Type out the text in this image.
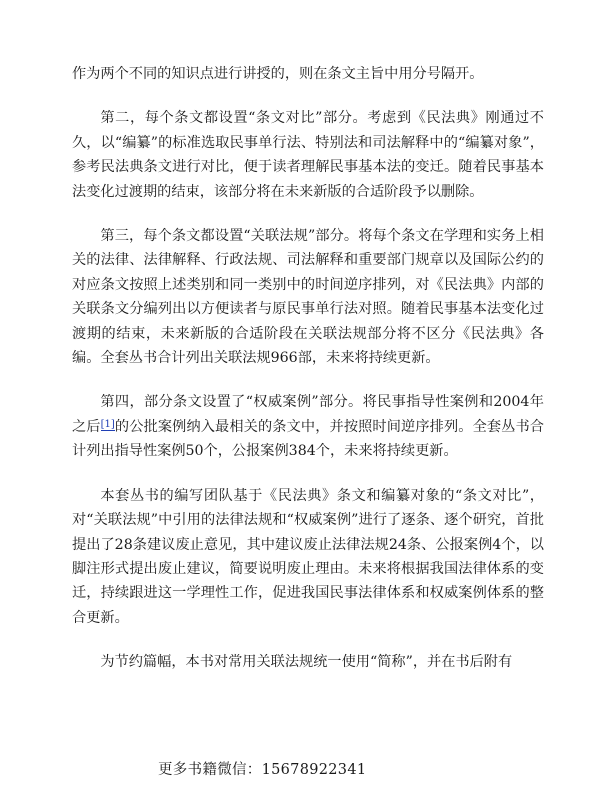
作为两个不同的知识点进行讲授的，则在条文主旨中用分号隔开。

第二，每个条文都设置“条文对比”部分。考虑到《民法典》刚通过不久，以“编纂”的标准选取民事单行法、特别法和司法解释中的“编纂对象”，参考民法典条文进行对比，便于读者理解民事基本法的变迁。随着民事基本法变化过渡期的结束，该部分将在未来新版的合适阶段予以删除。

第三，每个条文都设置“关联法规”部分。将每个条文在学理和实务上相关的法律、法律解释、行政法规、司法解释和重要部门规章以及国际公约的对应条文按照上述类别和同一类别中的时间逆序排列，对《民法典》内部的关联条文分编列出以方便读者与原民事单行法对照。随着民事基本法变化过渡期的结束，未来新版的合适阶段在关联法规部分将不区分《民法典》各编。全套丛书合计列出关联法规966部，未来将持续更新。

第四，部分条文设置了“权威案例”部分。将民事指导性案例和2004年之后[1]的公批案例纳入最相关的条文中，并按照时间逆序排列。全套丛书合计列出指导性案例50个，公报案例384个，未来将持续更新。

本套丛书的编写团队基于《民法典》条文和编纂对象的“条文对比”，对“关联法规”中引用的法律法规和“权威案例”进行了逐条、逐个研究，首批提出了28条建议废止意见，其中建议废止法律法规24条、公报案例4个，以脚注形式提出废止建议，简要说明废止理由。未来将根据我国法律体系的变迁，持续跟进这一学理性工作，促进我国民事法律体系和权威案例体系的整合更新。

为节约篇幅，本书对常用关联法规统一使用“简称”，并在书后附有

更多书籍微信：15678922341
